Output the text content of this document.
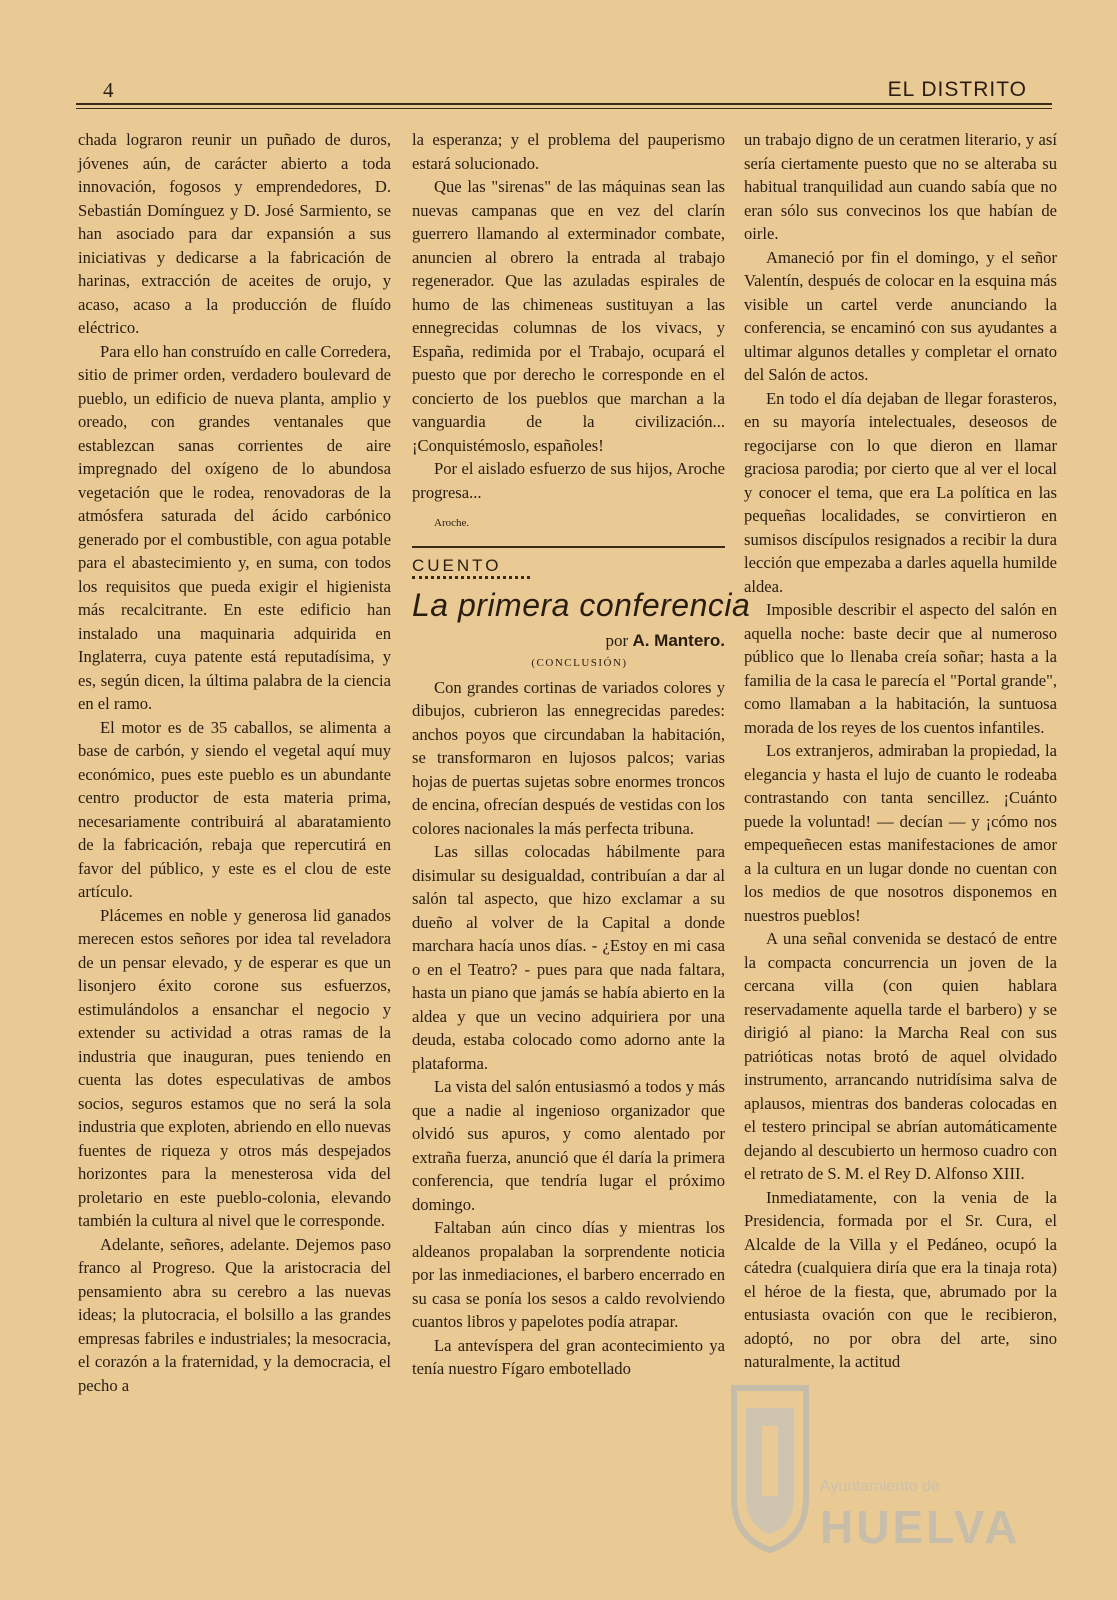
4	EL DISTRITO

chada lograron reunir un puñado de duros, jóvenes aún, de carácter abierto a toda innovación, fogosos y emprendedores, D. Sebastián Domínguez y D. José Sarmiento, se han asociado para dar expansión a sus iniciativas y dedicarse a la fabricación de harinas, extracción de aceites de orujo, y acaso, acaso a la producción de fluído eléctrico.

Para ello han construído en calle Corredera, sitio de primer orden, verdadero boulevard de pueblo, un edificio de nueva planta, amplio y oreado, con grandes ventanales que establezcan sanas corrientes de aire impregnado del oxígeno de lo abundosa vegetación que le rodea, renovadoras de la atmósfera saturada del ácido carbónico generado por el combustible, con agua potable para el abastecimiento y, en suma, con todos los requisitos que pueda exigir el higienista más recalcitrante. En este edificio han instalado una maquinaria adquirida en Inglaterra, cuya patente está reputadísima, y es, según dicen, la última palabra de la ciencia en el ramo.

El motor es de 35 caballos, se alimenta a base de carbón, y siendo el vegetal aquí muy económico, pues este pueblo es un abundante centro productor de esta materia prima, necesariamente contribuirá al abaratamiento de la fabricación, rebaja que repercutirá en favor del público, y este es el clou de este artículo.

Plácemes en noble y generosa lid ganados merecen estos señores por idea tal reveladora de un pensar elevado, y de esperar es que un lisonjero éxito corone sus esfuerzos, estimulándolos a ensanchar el negocio y extender su actividad a otras ramas de la industria que inauguran, pues teniendo en cuenta las dotes especulativas de ambos socios, seguros estamos que no será la sola industria que exploten, abriendo en ello nuevas fuentes de riqueza y otros más despejados horizontes para la menesterosa vida del proletario en este pueblo-colonia, elevando también la cultura al nivel que le corresponde.

Adelante, señores, adelante. Dejemos paso franco al Progreso. Que la aristocracia del pensamiento abra su cerebro a las nuevas ideas; la plutocracia, el bolsillo a las grandes empresas fabriles e industriales; la mesocracia, el corazón a la fraternidad, y la democracia, el pecho a

la esperanza; y el problema del pauperismo estará solucionado.

Que las "sirenas" de las máquinas sean las nuevas campanas que en vez del clarín guerrero llamando al exterminador combate, anuncien al obrero la entrada al trabajo regenerador. Que las azuladas espirales de humo de las chimeneas sustituyan a las ennegrecidas columnas de los vivacs, y España, redimida por el Trabajo, ocupará el puesto que por derecho le corresponde en el concierto de los pueblos que marchan a la vanguardia de la civilización... ¡Conquistémoslo, españoles!

Por el aislado esfuerzo de sus hijos, Aroche progresa...

Aroche.

CUENTO
La primera conferencia
por A. Mantero.

(CONCLUSIÓN)

Con grandes cortinas de variados colores y dibujos, cubrieron las ennegrecidas paredes: anchos poyos que circundaban la habitación, se transformaron en lujosos palcos; varias hojas de puertas sujetas sobre enormes troncos de encina, ofrecían después de vestidas con los colores nacionales la más perfecta tribuna.

Las sillas colocadas hábilmente para disimular su desigualdad, contribuían a dar al salón tal aspecto, que hizo exclamar a su dueño al volver de la Capital a donde marchara hacía unos días. - ¿Estoy en mi casa o en el Teatro? - pues para que nada faltara, hasta un piano que jamás se había abierto en la aldea y que un vecino adquiriera por una deuda, estaba colocado como adorno ante la plataforma.

La vista del salón entusiasmó a todos y más que a nadie al ingenioso organizador que olvidó sus apuros, y como alentado por extraña fuerza, anunció que él daría la primera conferencia, que tendría lugar el próximo domingo.

Faltaban aún cinco días y mientras los aldeanos propalaban la sorprendente noticia por las inmediaciones, el barbero encerrado en su casa se ponía los sesos a caldo revolviendo cuantos libros y papelotes podía atrapar.

La antevíspera del gran acontecimiento ya tenía nuestro Fígaro embotellado

un trabajo digno de un ceratmen literario, y así sería ciertamente puesto que no se alteraba su habitual tranquilidad aun cuando sabía que no eran sólo sus convecinos los que habían de oirle.

Amaneció por fin el domingo, y el señor Valentín, después de colocar en la esquina más visible un cartel verde anunciando la conferencia, se encaminó con sus ayudantes a ultimar algunos detalles y completar el ornato del Salón de actos.

En todo el día dejaban de llegar forasteros, en su mayoría intelectuales, deseosos de regocijarse con lo que dieron en llamar graciosa parodia; por cierto que al ver el local y conocer el tema, que era La política en las pequeñas localidades, se convirtieron en sumisos discípulos resignados a recibir la dura lección que empezaba a darles aquella humilde aldea.

Imposible describir el aspecto del salón en aquella noche: baste decir que al numeroso público que lo llenaba creía soñar; hasta a la familia de la casa le parecía el "Portal grande", como llamaban a la habitación, la suntuosa morada de los reyes de los cuentos infantiles.

Los extranjeros, admiraban la propiedad, la elegancia y hasta el lujo de cuanto le rodeaba contrastando con tanta sencillez. ¡Cuánto puede la voluntad! — decían — y ¡cómo nos empequeñecen estas manifestaciones de amor a la cultura en un lugar donde no cuentan con los medios de que nosotros disponemos en nuestros pueblos!

A una señal convenida se destacó de entre la compacta concurrencia un joven de la cercana villa (con quien hablara reservadamente aquella tarde el barbero) y se dirigió al piano: la Marcha Real con sus patrióticas notas brotó de aquel olvidado instrumento, arrancando nutridísima salva de aplausos, mientras dos banderas colocadas en el testero principal se abrían automáticamente dejando al descubierto un hermoso cuadro con el retrato de S. M. el Rey D. Alfonso XIII.

Inmediatamente, con la venia de la Presidencia, formada por el Sr. Cura, el Alcalde de la Villa y el Pedáneo, ocupó la cátedra (cualquiera diría que era la tinaja rota) el héroe de la fiesta, que, abrumado por la entusiasta ovación con que le recibieron, adoptó, no por obra del arte, sino naturalmente, la actitud

Ayuntamiento de
HUELVA
